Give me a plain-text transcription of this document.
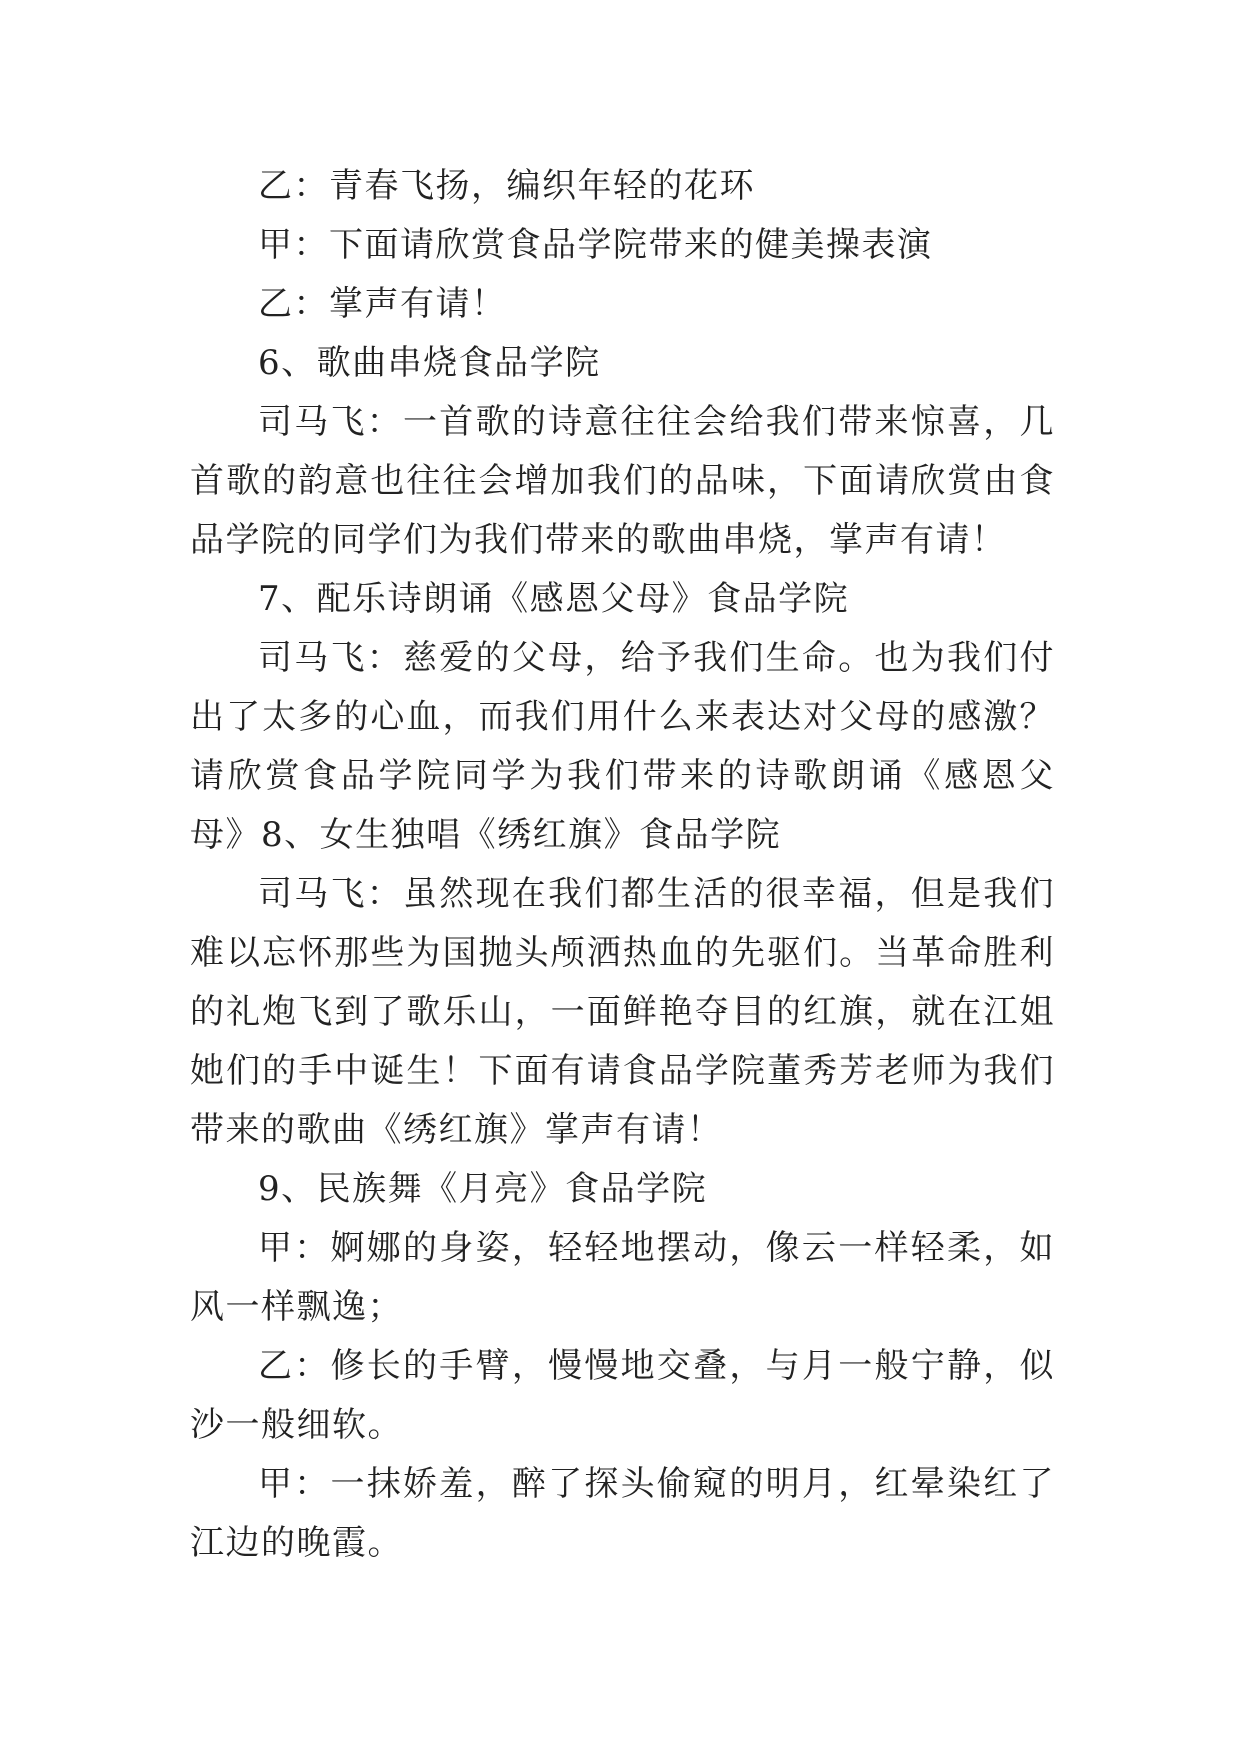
乙：青春飞扬，编织年轻的花环

甲：下面请欣赏食品学院带来的健美操表演

乙：掌声有请！

6、歌曲串烧食品学院

司马飞：一首歌的诗意往往会给我们带来惊喜，几首歌的韵意也往往会增加我们的品味，下面请欣赏由食品学院的同学们为我们带来的歌曲串烧，掌声有请！

7、配乐诗朗诵《感恩父母》食品学院

司马飞：慈爱的父母，给予我们生命。也为我们付出了太多的心血，而我们用什么来表达对父母的感激？请欣赏食品学院同学为我们带来的诗歌朗诵《感恩父母》8、女生独唱《绣红旗》食品学院

司马飞：虽然现在我们都生活的很幸福，但是我们难以忘怀那些为国抛头颅洒热血的先驱们。当革命胜利的礼炮飞到了歌乐山，一面鲜艳夺目的红旗，就在江姐她们的手中诞生！下面有请食品学院董秀芳老师为我们带来的歌曲《绣红旗》掌声有请！

9、民族舞《月亮》食品学院

甲：婀娜的身姿，轻轻地摆动，像云一样轻柔，如风一样飘逸；

乙：修长的手臂，慢慢地交叠，与月一般宁静，似沙一般细软。

甲：一抹娇羞，醉了探头偷窥的明月，红晕染红了江边的晚霞。
